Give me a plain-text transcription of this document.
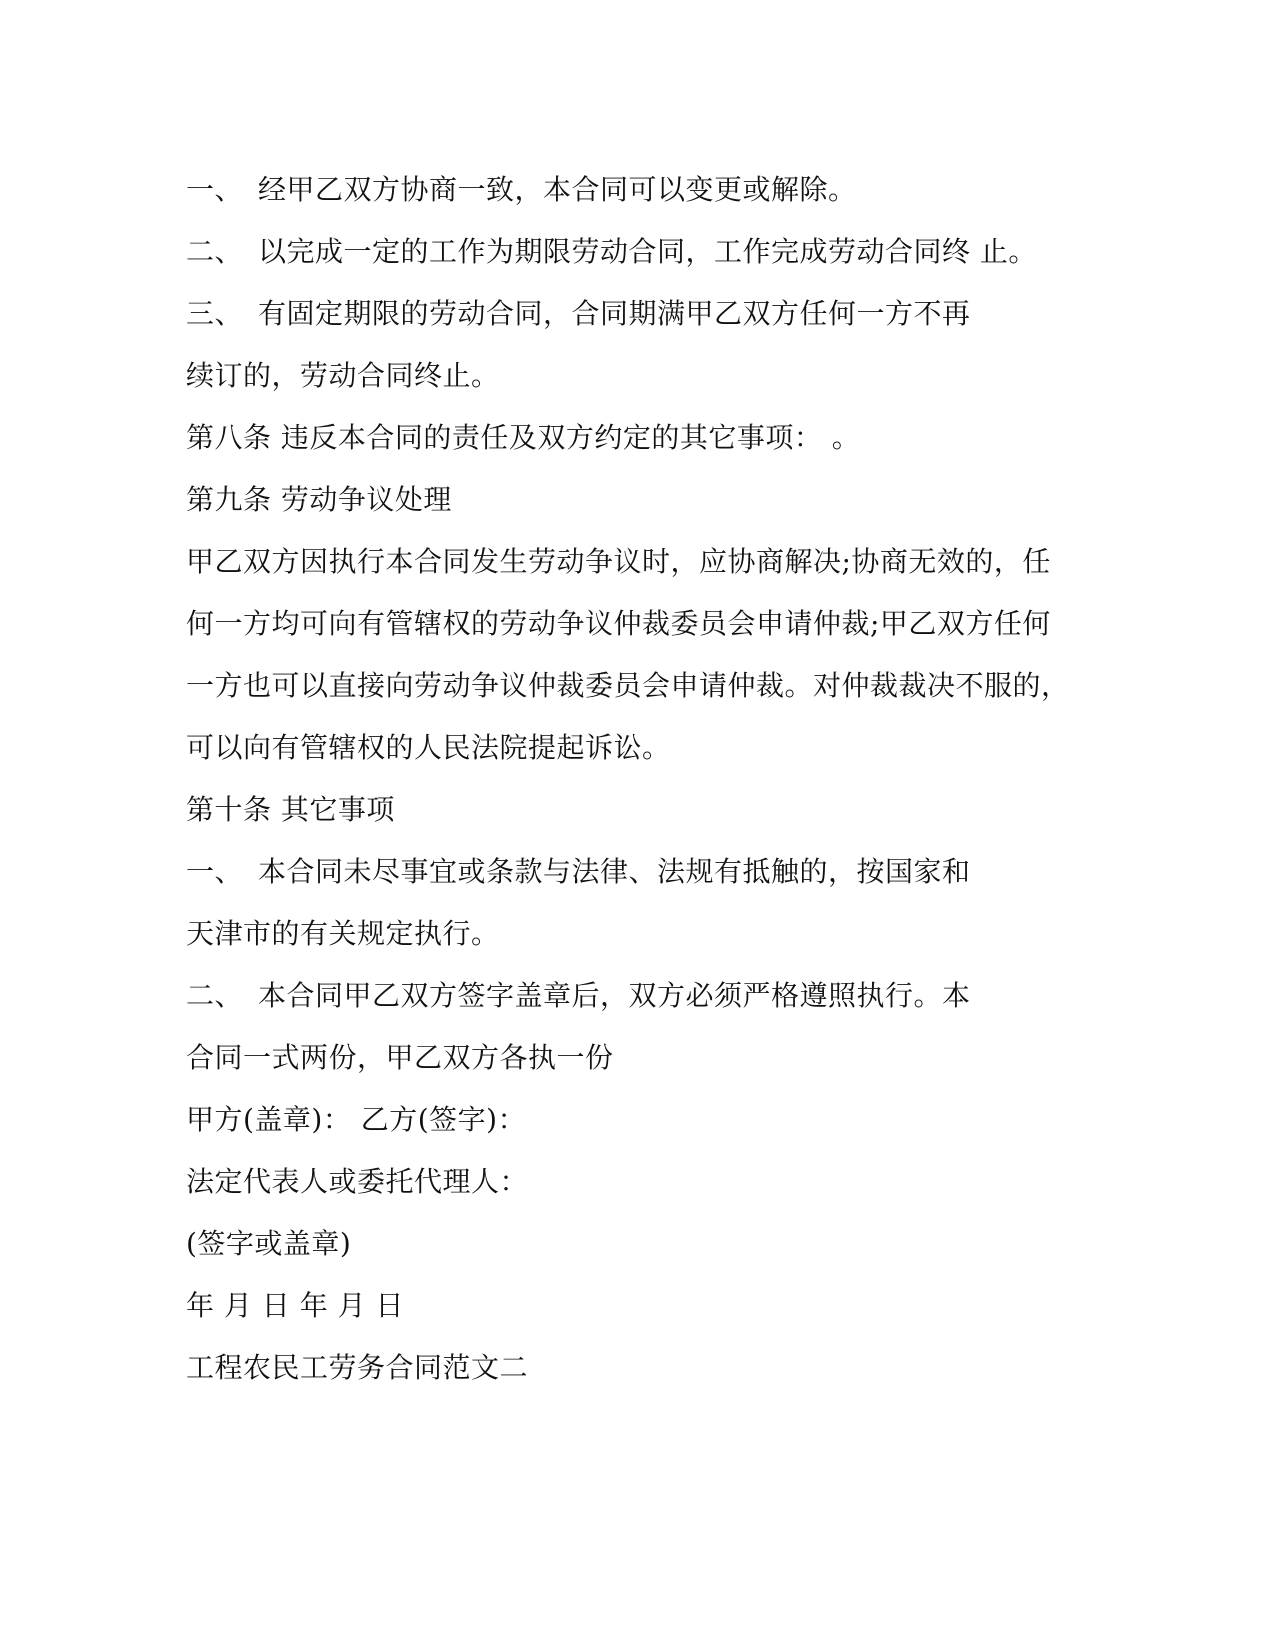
一、 经甲乙双方协商一致，本合同可以变更或解除。
二、 以完成一定的工作为期限劳动合同，工作完成劳动合同终 止。
三、 有固定期限的劳动合同，合同期满甲乙双方任何一方不再
续订的，劳动合同终止。
第八条 违反本合同的责任及双方约定的其它事项： 。
第九条 劳动争议处理
甲乙双方因执行本合同发生劳动争议时，应协商解决;协商无效的，任
何一方均可向有管辖权的劳动争议仲裁委员会申请仲裁;甲乙双方任何
一方也可以直接向劳动争议仲裁委员会申请仲裁。对仲裁裁决不服的，
可以向有管辖权的人民法院提起诉讼。
第十条 其它事项
一、 本合同未尽事宜或条款与法律、法规有抵触的，按国家和
天津市的有关规定执行。
二、 本合同甲乙双方签字盖章后，双方必须严格遵照执行。本
合同一式两份，甲乙双方各执一份
甲方(盖章)： 乙方(签字)：
法定代表人或委托代理人：
(签字或盖章)
年 月 日 年 月 日
工程农民工劳务合同范文二
